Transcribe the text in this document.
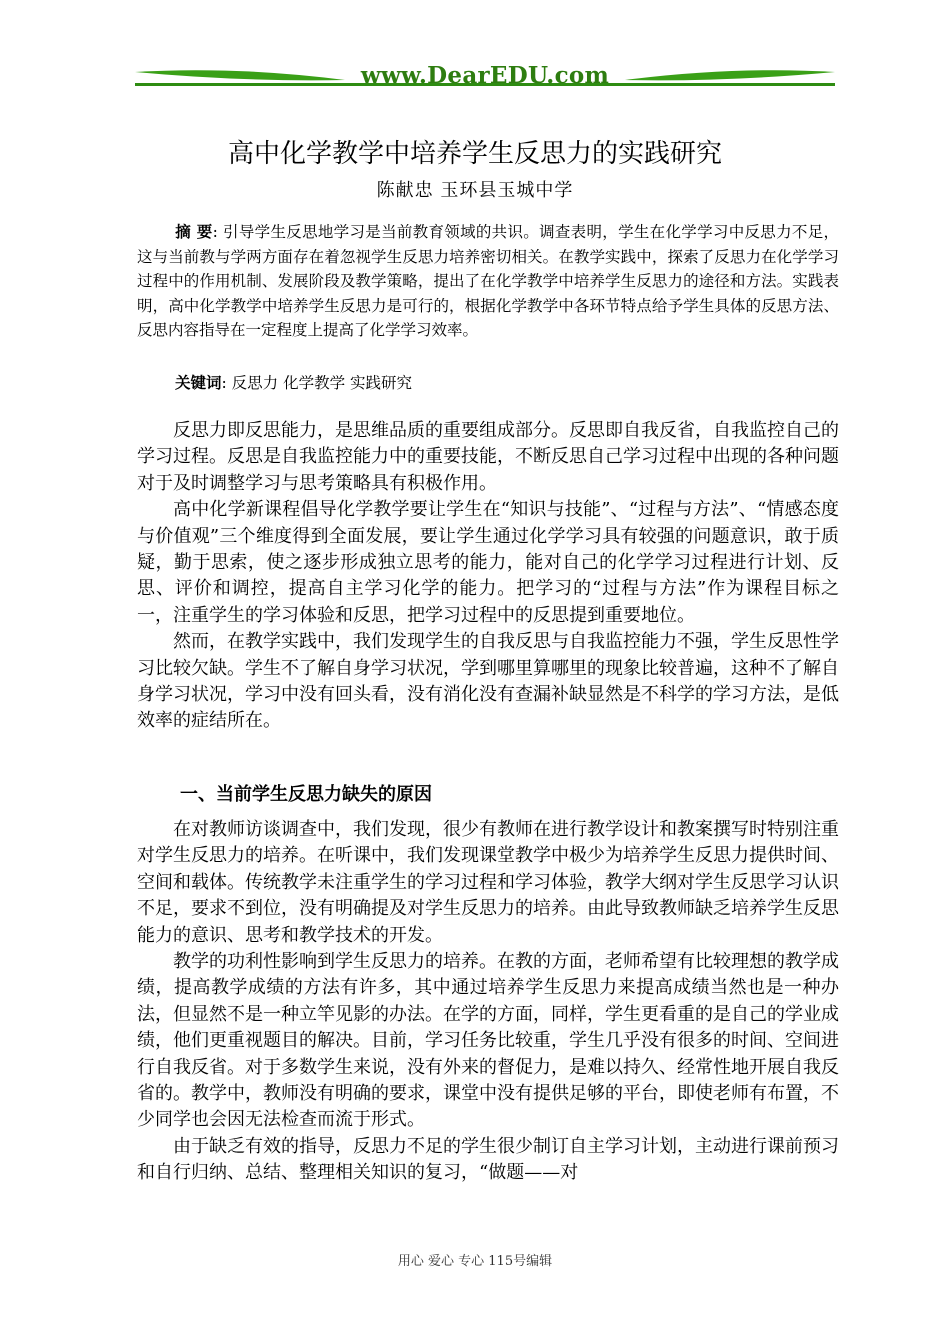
www.DearEDU.com
高中化学教学中培养学生反思力的实践研究
陈献忠 玉环县玉城中学
摘 要: 引导学生反思地学习是当前教育领域的共识。调查表明，学生在化学学习中反思力不足，这与当前教与学两方面存在着忽视学生反思力培养密切相关。在教学实践中，探索了反思力在化学学习过程中的作用机制、发展阶段及教学策略，提出了在化学教学中培养学生反思力的途径和方法。实践表明，高中化学教学中培养学生反思力是可行的，根据化学教学中各环节特点给予学生具体的反思方法、反思内容指导在一定程度上提高了化学学习效率。
关键词: 反思力 化学教学 实践研究

反思力即反思能力，是思维品质的重要组成部分。反思即自我反省，自我监控自己的学习过程。反思是自我监控能力中的重要技能，不断反思自己学习过程中出现的各种问题对于及时调整学习与思考策略具有积极作用。

高中化学新课程倡导化学教学要让学生在“知识与技能”、“过程与方法”、“情感态度与价值观”三个维度得到全面发展，要让学生通过化学学习具有较强的问题意识，敢于质疑，勤于思索，使之逐步形成独立思考的能力，能对自己的化学学习过程进行计划、反思、评价和调控，提高自主学习化学的能力。把学习的“过程与方法”作为课程目标之一，注重学生的学习体验和反思，把学习过程中的反思提到重要地位。

然而，在教学实践中，我们发现学生的自我反思与自我监控能力不强，学生反思性学习比较欠缺。学生不了解自身学习状况，学到哪里算哪里的现象比较普遍，这种不了解自身学习状况，学习中没有回头看，没有消化没有查漏补缺显然是不科学的学习方法，是低效率的症结所在。

一、当前学生反思力缺失的原因

在对教师访谈调查中，我们发现，很少有教师在进行教学设计和教案撰写时特别注重对学生反思力的培养。在听课中，我们发现课堂教学中极少为培养学生反思力提供时间、空间和载体。传统教学未注重学生的学习过程和学习体验，教学大纲对学生反思学习认识不足，要求不到位，没有明确提及对学生反思力的培养。由此导致教师缺乏培养学生反思能力的意识、思考和教学技术的开发。

教学的功利性影响到学生反思力的培养。在教的方面，老师希望有比较理想的教学成绩，提高教学成绩的方法有许多，其中通过培养学生反思力来提高成绩当然也是一种办法，但显然不是一种立竿见影的办法。在学的方面，同样，学生更看重的是自己的学业成绩，他们更重视题目的解决。目前，学习任务比较重，学生几乎没有很多的时间、空间进行自我反省。对于多数学生来说，没有外来的督促力，是难以持久、经常性地开展自我反省的。教学中，教师没有明确的要求，课堂中没有提供足够的平台，即使老师有布置，不少同学也会因无法检查而流于形式。

由于缺乏有效的指导，反思力不足的学生很少制订自主学习计划，主动进行课前预习和自行归纳、总结、整理相关知识的复习，“做题——对

用心 爱心 专心 115号编辑
